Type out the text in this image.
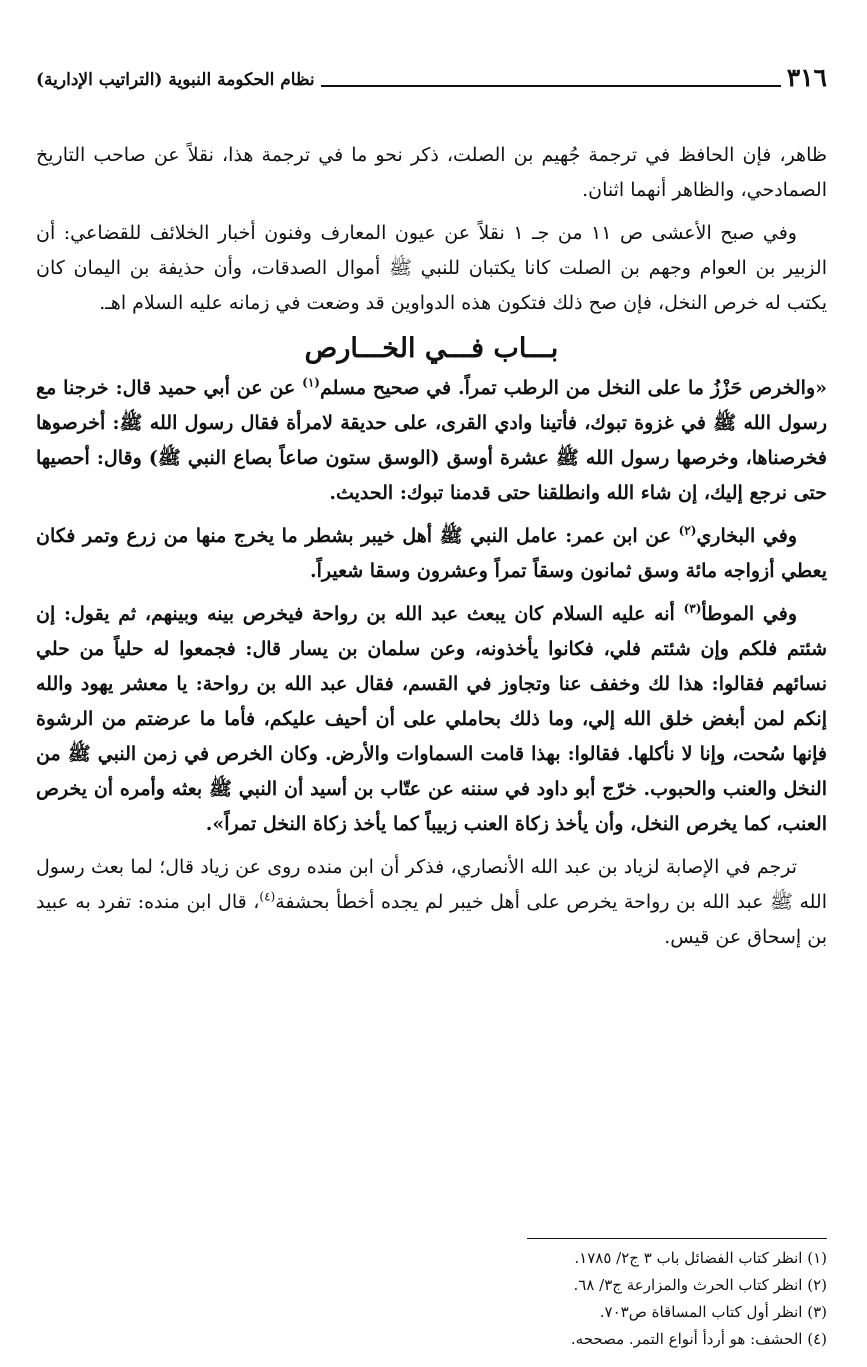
٣١٦
نظام الحكومة النبوية (التراتيب الإدارية)

ظاهر، فإن الحافظ في ترجمة جُهيم بن الصلت، ذكر نحو ما في ترجمة هذا، نقلاً عن صاحب التاريخ الصمادحي، والظاهر أنهما اثنان.

وفي صبح الأعشى ص ١١ من جـ ١ نقلاً عن عيون المعارف وفنون أخبار الخلائف للقضاعي: أن الزبير بن العوام وجهم بن الصلت كانا يكتبان للنبي ﷺ أموال الصدقات، وأن حذيفة بن اليمان كان يكتب له خرص النخل، فإن صح ذلك فتكون هذه الدواوين قد وضعت في زمانه عليه السلام اهـ.

بـــاب فـــي الخـــارص

«والخرص حَزْزُ ما على النخل من الرطب تمراً. في صحيح مسلم$^{(١)}$ عن عن أبي حميد قال: خرجنا مع رسول الله ﷺ في غزوة تبوك، فأتينا وادي القرى، على حديقة لامرأة فقال رسول الله ﷺ: أخرصوها فخرصناها، وخرصها رسول الله ﷺ عشرة أوسق (الوسق ستون صاعاً بصاع النبي ﷺ) وقال: أحصيها حتى نرجع إليك، إن شاء الله وانطلقنا حتى قدمنا تبوك: الحديث.

وفي البخاري$^{(٢)}$ عن ابن عمر: عامل النبي ﷺ أهل خيبر بشطر ما يخرج منها من زرع وتمر فكان يعطي أزواجه مائة وسق ثمانون وسقاً تمراً وعشرون وسقا شعيراً.

وفي الموطأ$^{(٣)}$ أنه عليه السلام كان يبعث عبد الله بن رواحة فيخرص بينه وبينهم، ثم يقول: إن شئتم فلكم وإن شئتم فلي، فكانوا يأخذونه، وعن سلمان بن يسار قال: فجمعوا له حلياً من حلي نسائهم فقالوا: هذا لك وخفف عنا وتجاوز في القسم، فقال عبد الله بن رواحة: يا معشر يهود والله إنكم لمن أبغض خلق الله إلي، وما ذلك بحاملي على أن أحيف عليكم، فأما ما عرضتم من الرشوة فإنها سُحت، وإنا لا نأكلها. فقالوا: بهذا قامت السماوات والأرض. وكان الخرص في زمن النبي ﷺ من النخل والعنب والحبوب. خرّج أبو داود في سننه عن عتّاب بن أسيد أن النبي ﷺ بعثه وأمره أن يخرص العنب، كما يخرص النخل، وأن يأخذ زكاة العنب زبيباً كما يأخذ زكاة النخل تمراً».

ترجم في الإصابة لزياد بن عبد الله الأنصاري، فذكر أن ابن منده روى عن زياد قال؛ لما بعث رسول الله ﷺ عبد الله بن رواحة يخرص على أهل خيبر لم يجده أخطأ بحشفة$^{(٤)}$، قال ابن منده: تفرد به عبيد بن إسحاق عن قيس.

(١) انظر كتاب الفضائل باب ٣ ج٢/ ١٧٨٥.

(٢) انظر كتاب الحرث والمزارعة ج٣/ ٦٨.

(٣) انظر أول كتاب المساقاة ص٧٠٣.

(٤) الحشف: هو أردأ أنواع التمر. مصححه.
